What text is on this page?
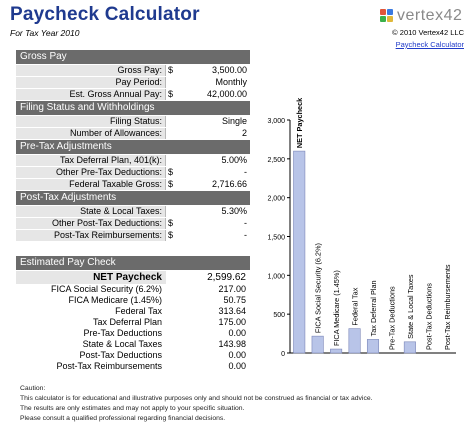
Paycheck Calculator
For Tax Year 2010
vertex42
© 2010 Vertex42 LLC
Paycheck Calculator
Gross Pay
Gross Pay: $	3,500.00
Pay Period:	Monthly
Est. Gross Annual Pay: $	42,000.00
Filing Status and Withholdings
Filing Status:	Single
Number of Allowances:	2
Pre-Tax Adjustments
Tax Deferral Plan, 401(k):	5.00%
Other Pre-Tax Deductions: $	-
Federal Taxable Gross: $	2,716.66
Post-Tax Adjustments
State & Local Taxes:	5.30%
Other Post-Tax Deductions: $	-
Post-Tax Reimbursements: $	-
Estimated Pay Check
NET Paycheck	2,599.62
FICA Social Security (6.2%)	217.00
FICA Medicare (1.45%)	50.75
Federal Tax	313.64
Tax Deferral Plan	175.00
Pre-Tax Deductions	0.00
State & Local Taxes	143.98
Post-Tax Deductions	0.00
Post-Tax Reimbursements	0.00
0
500
1,000
1,500
2,000
2,500
3,000 NET Paycheck
FICA Social Security (6.2%) FICA Medicare (1.45%) Federal Tax Tax Deferral Plan Pre-Tax Deductions State & Local Taxes Post-Tax Deductions Post-Tax Reimbursements
Caution:
This calculator is for educational and illustrative purposes only and should not be construed as financial or tax advice.
The results are only estimates and may not apply to your specific situation.
Please consult a qualified professional regarding financial decisions.
